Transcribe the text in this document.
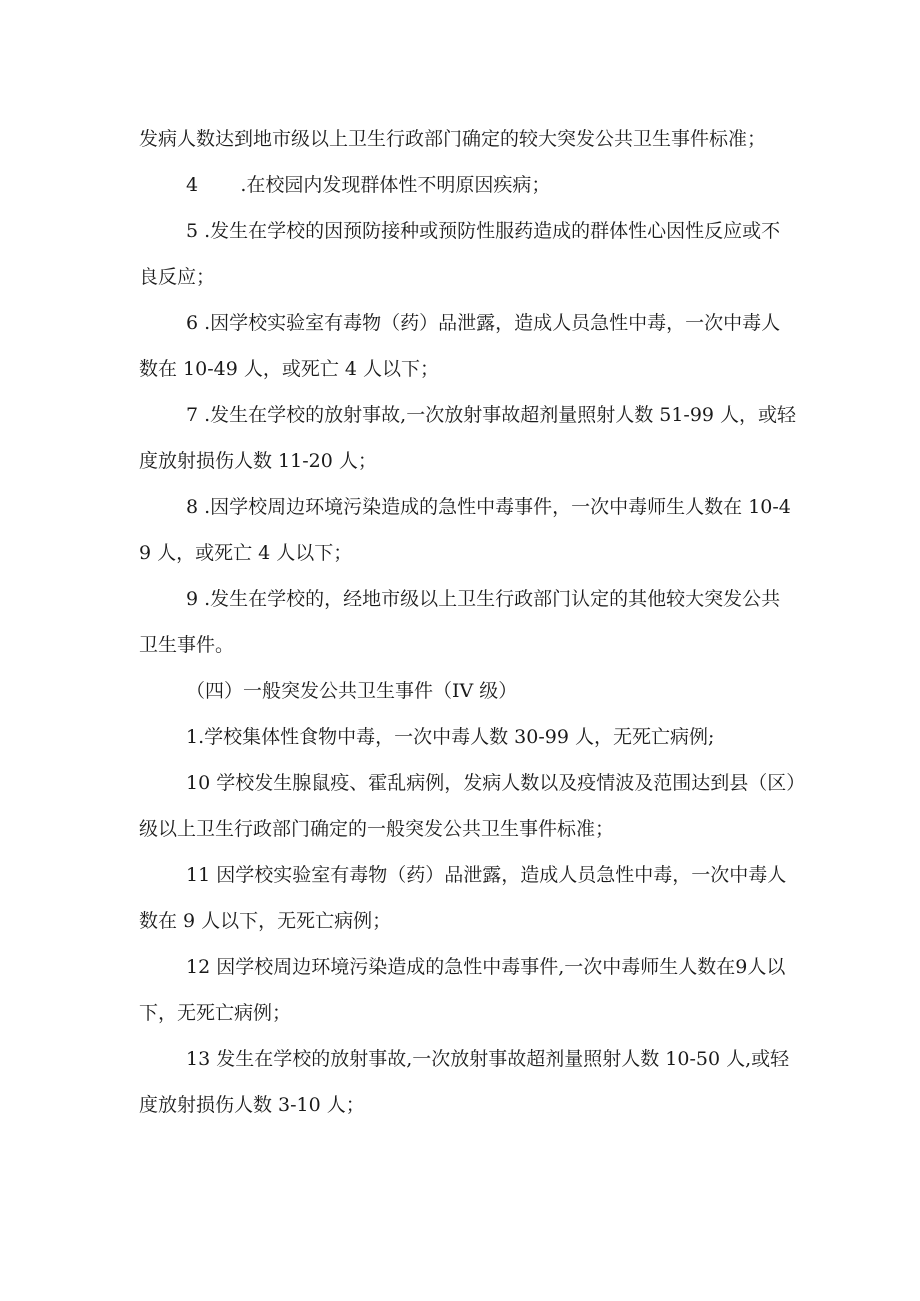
发病人数达到地市级以上卫生行政部门确定的较大突发公共卫生事件标准；

4       .在校园内发现群体性不明原因疾病；

5 .发生在学校的因预防接种或预防性服药造成的群体性心因性反应或不良反应；

6 .因学校实验室有毒物（药）品泄露，造成人员急性中毒，一次中毒人数在 10-49 人，或死亡 4 人以下；

7 .发生在学校的放射事故,一次放射事故超剂量照射人数 51-99 人，或轻度放射损伤人数 11-20 人；

8 .因学校周边环境污染造成的急性中毒事件，一次中毒师生人数在 10-49 人，或死亡 4 人以下；

9 .发生在学校的，经地市级以上卫生行政部门认定的其他较大突发公共卫生事件。

（四）一般突发公共卫生事件（IV 级）

1.学校集体性食物中毒，一次中毒人数 30-99 人，无死亡病例;

10 学校发生腺鼠疫、霍乱病例，发病人数以及疫情波及范围达到县（区）级以上卫生行政部门确定的一般突发公共卫生事件标准；

11 因学校实验室有毒物（药）品泄露，造成人员急性中毒，一次中毒人数在 9 人以下，无死亡病例；

12 因学校周边环境污染造成的急性中毒事件,一次中毒师生人数在9人以下，无死亡病例；

13 发生在学校的放射事故,一次放射事故超剂量照射人数 10-50 人,或轻度放射损伤人数 3-10 人；
